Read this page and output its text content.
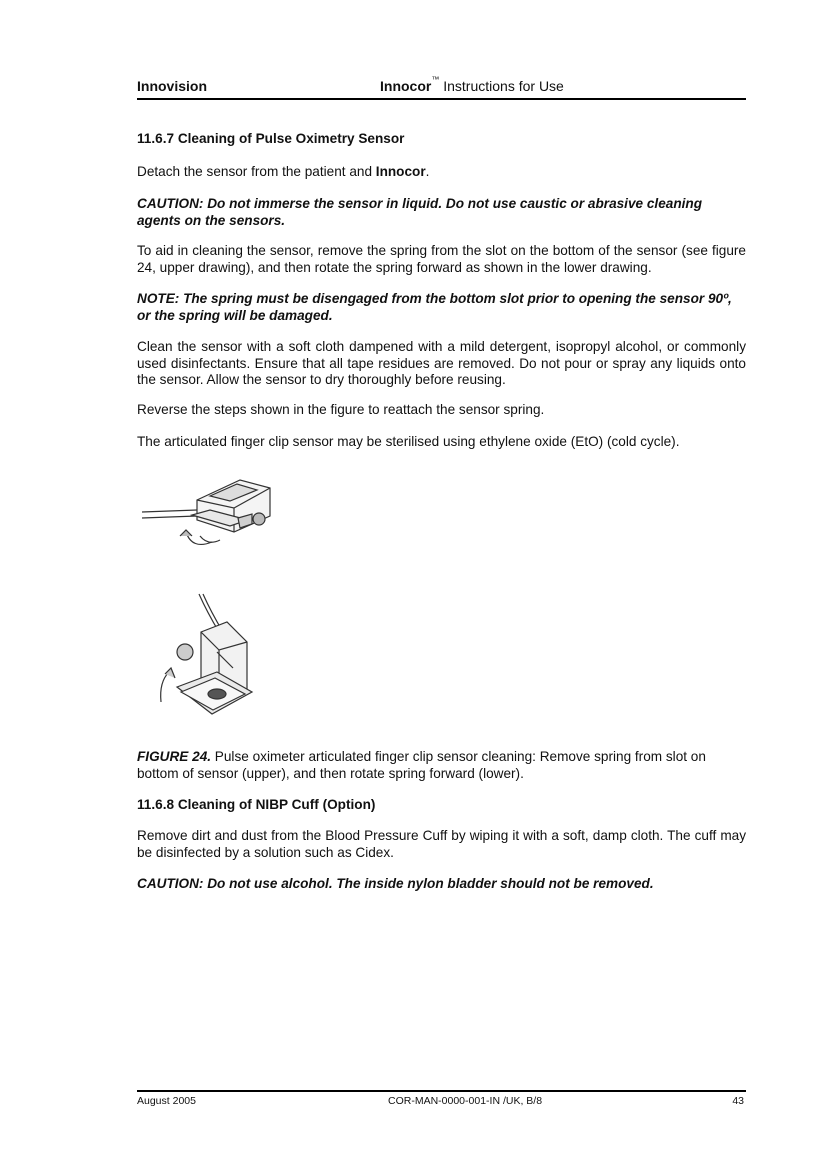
Innovision	Innocor™ Instructions for Use
11.6.7 Cleaning of Pulse Oximetry Sensor
Detach the sensor from the patient and Innocor.
CAUTION: Do not immerse the sensor in liquid. Do not use caustic or abrasive cleaning agents on the sensors.
To aid in cleaning the sensor, remove the spring from the slot on the bottom of the sensor (see figure 24, upper drawing), and then rotate the spring forward as shown in the lower drawing.
NOTE: The spring must be disengaged from the bottom slot prior to opening the sensor 90º, or the spring will be damaged.
Clean the sensor with a soft cloth dampened with a mild detergent, isopropyl alcohol, or commonly used disinfectants. Ensure that all tape residues are removed. Do not pour or spray any liquids onto the sensor. Allow the sensor to dry thoroughly before reusing.
Reverse the steps shown in the figure to reattach the sensor spring.
The articulated finger clip sensor may be sterilised using ethylene oxide (EtO) (cold cycle).
FIGURE 24. Pulse oximeter articulated finger clip sensor cleaning: Remove spring from slot on bottom of sensor (upper), and then rotate spring forward (lower).
11.6.8 Cleaning of NIBP Cuff (Option)
Remove dirt and dust from the Blood Pressure Cuff by wiping it with a soft, damp cloth. The cuff may be disinfected by a solution such as Cidex.
CAUTION: Do not use alcohol. The inside nylon bladder should not be removed.
August 2005	COR-MAN-0000-001-IN /UK, B/8	43
